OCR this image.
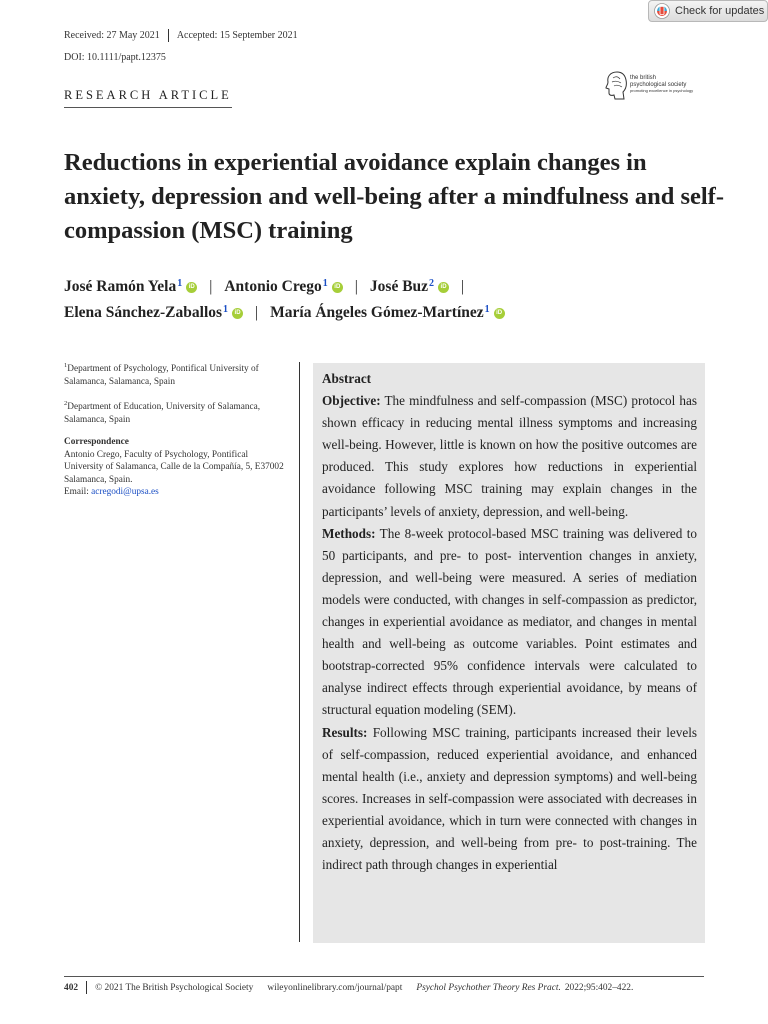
Check for updates
Received: 27 May 2021 Accepted: 15 September 2021
DOI: 10.1111/papt.12375
RESEARCH ARTICLE
the british
psychological society
promoting excellence in psychology
Reductions in experiential avoidance explain changes in anxiety, depression and well-being after a mindfulness and self-compassion (MSC) training
José Ramón Yela$^1$	iD | Antonio Crego$^1$	iD | José Buz$^2$	iD |
Elena Sánchez-Zaballos$^1$	iD | María Ángeles Gómez-Martínez$^1$	iD

$^1$Department of Psychology, Pontifical University of Salamanca, Salamanca, Spain

$^2$Department of Education, University of Salamanca, Salamanca, Spain

Correspondence
Antonio Crego, Faculty of Psychology, Pontifical University of Salamanca, Calle de la Compañía, 5, E37002 Salamanca, Spain.
Email: acregodi@upsa.es

Abstract

Objective: The mindfulness and self-compassion (MSC) protocol has shown efficacy in reducing mental illness symptoms and increasing well-being. However, little is known on how the positive outcomes are produced. This study explores how reductions in experiential avoidance following MSC training may explain changes in the participants’ levels of anxiety, depression, and well-being.

Methods: The 8-week protocol-based MSC training was delivered to 50 participants, and pre- to post- intervention changes in anxiety, depression, and well-being were measured. A series of mediation models were conducted, with changes in self-compassion as predictor, changes in experiential avoidance as mediator, and changes in mental health and well-being as outcome variables. Point estimates and bootstrap-corrected 95% confidence intervals were calculated to analyse indirect effects through experiential avoidance, by means of structural equation modeling (SEM).

Results: Following MSC training, participants increased their levels of self-compassion, reduced experiential avoidance, and enhanced mental health (i.e., anxiety and depression symptoms) and well-being scores. Increases in self-compassion were associated with decreases in experiential avoidance, which in turn were connected with changes in anxiety, depression, and well-being from pre- to post-training. The indirect path through changes in experiential

402 © 2021 The British Psychological Society wileyonlinelibrary.com/journal/papt Psychol Psychother Theory Res Pract. 2022;95:402–422.
